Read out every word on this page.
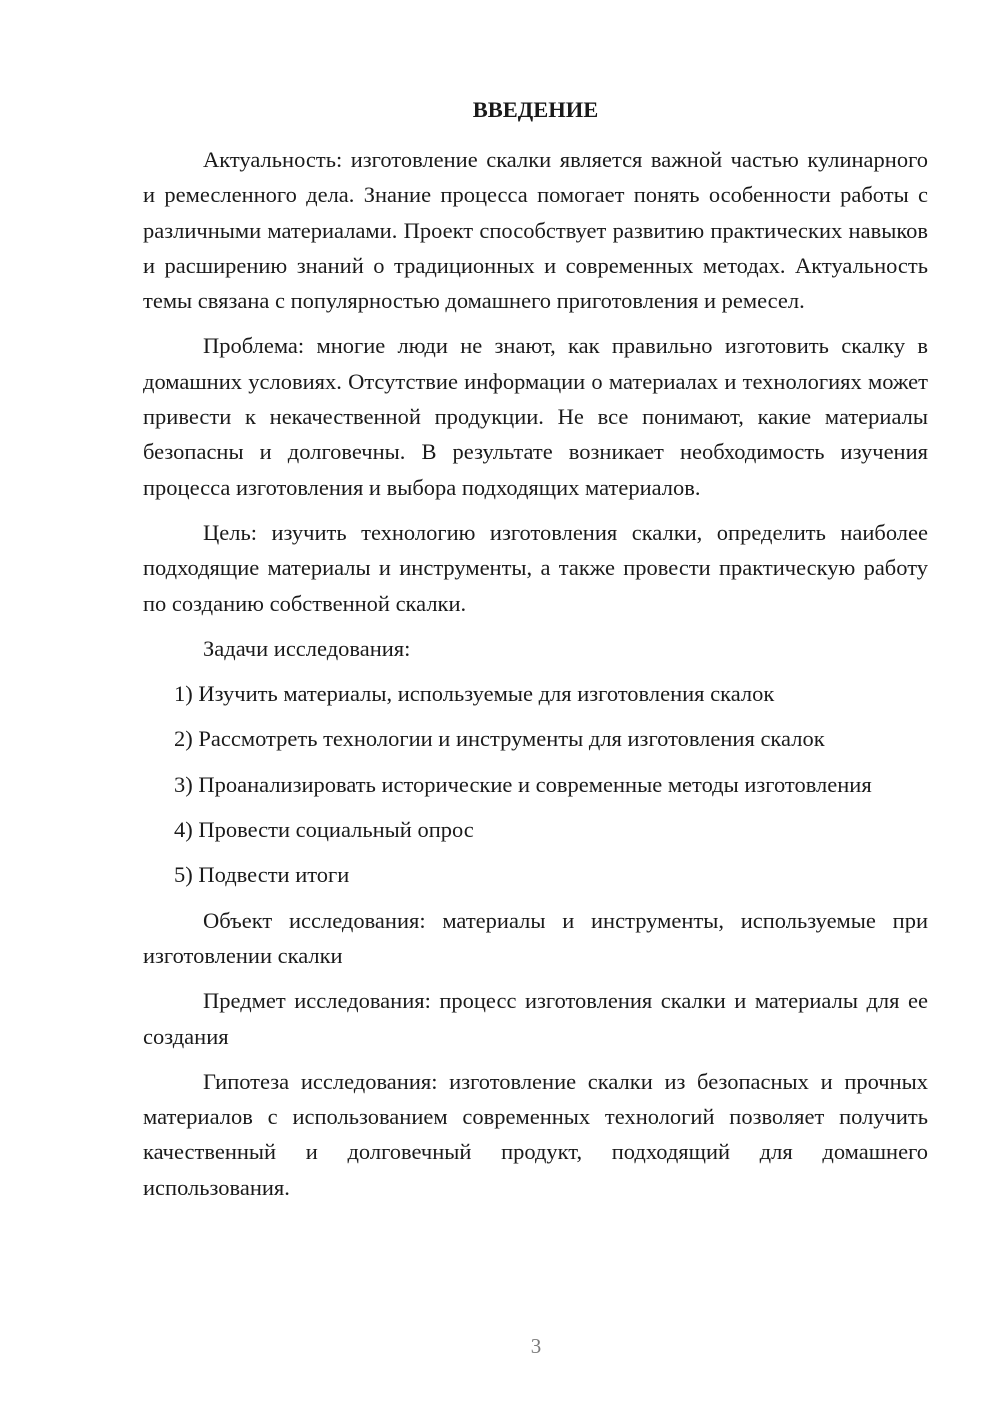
ВВЕДЕНИЕ

Актуальность: изготовление скалки является важной частью кулинарного и ремесленного дела. Знание процесса помогает понять особенности работы с различными материалами. Проект способствует развитию практических навыков и расширению знаний о традиционных и современных методах. Актуальность темы связана с популярностью домашнего приготовления и ремесел.

Проблема: многие люди не знают, как правильно изготовить скалку в домашних условиях. Отсутствие информации о материалах и технологиях может привести к некачественной продукции. Не все понимают, какие материалы безопасны и долговечны. В результате возникает необходимость изучения процесса изготовления и выбора подходящих материалов.

Цель: изучить технологию изготовления скалки, определить наиболее подходящие материалы и инструменты, а также провести практическую работу по созданию собственной скалки.

Задачи исследования:

1) Изучить материалы, используемые для изготовления скалок

2) Рассмотреть технологии и инструменты для изготовления скалок

3) Проанализировать исторические и современные методы изготовления

4) Провести социальный опрос

5) Подвести итоги

Объект исследования: материалы и инструменты, используемые при изготовлении скалки

Предмет исследования: процесс изготовления скалки и материалы для ее создания

Гипотеза исследования: изготовление скалки из безопасных и прочных материалов с использованием современных технологий позволяет получить качественный и долговечный продукт, подходящий для домашнего использования.

3
